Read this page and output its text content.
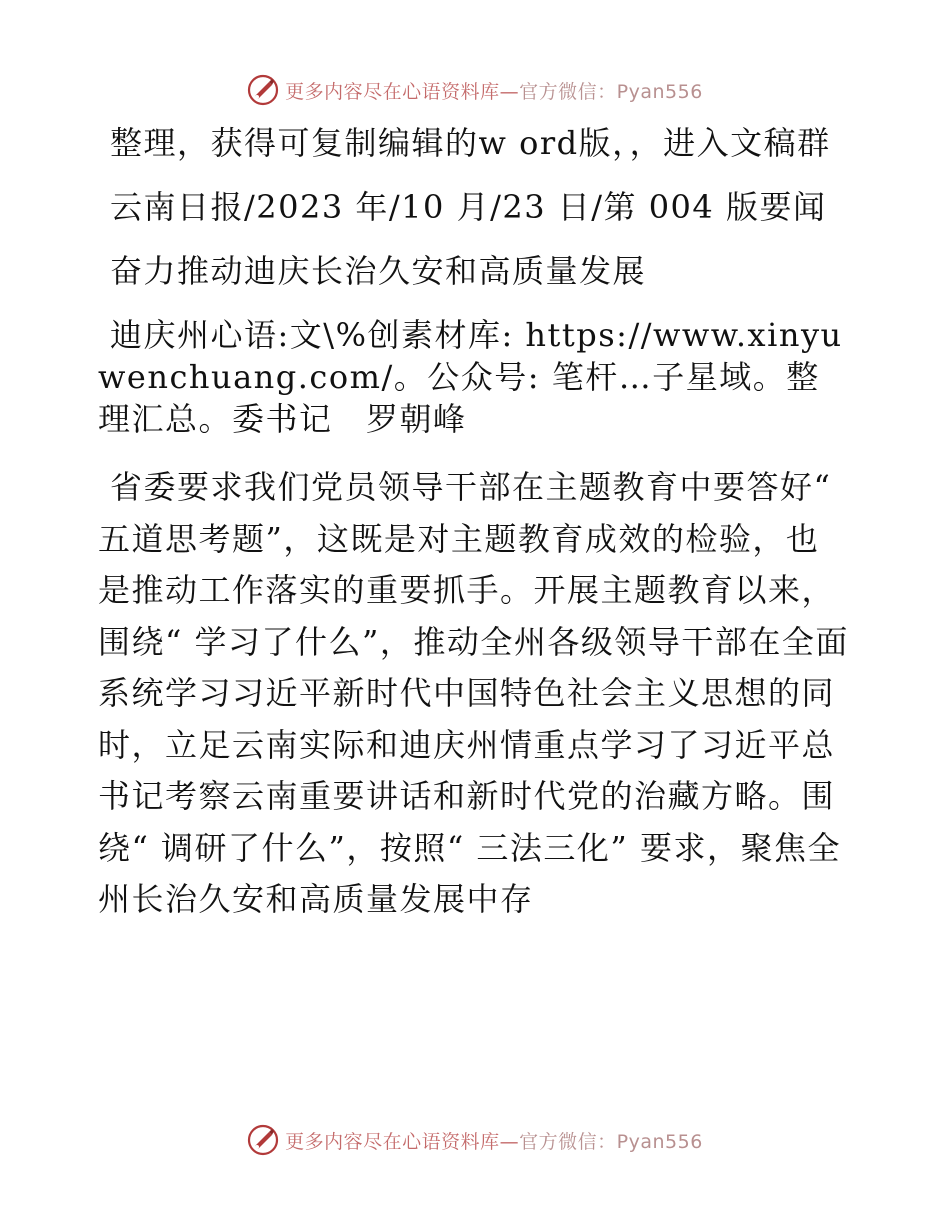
更多内容尽在心语资料库—官方微信：Pyan556

整理，获得可复制编辑的w ord版，，进入文稿群

云南日报/2023 年/10 月/23 日/第 004 版要闻

奋力推动迪庆长治久安和高质量发展

迪庆州心语:文\%创素材库: https://www.xinyuwenchuang.com/。公众号: 笔杆…子星域。整理汇总。委书记　罗朝峰

省委要求我们党员领导干部在主题教育中要答好“ 五道思考题”，这既是对主题教育成效的检验，也是推动工作落实的重要抓手。开展主题教育以来，围绕“ 学习了什么”，推动全州各级领导干部在全面系统学习习近平新时代中国特色社会主义思想的同时，立足云南实际和迪庆州情重点学习了习近平总书记考察云南重要讲话和新时代党的治藏方略。围绕“ 调研了什么”，按照“ 三法三化” 要求，聚焦全州长治久安和高质量发展中存

更多内容尽在心语资料库—官方微信：Pyan556
